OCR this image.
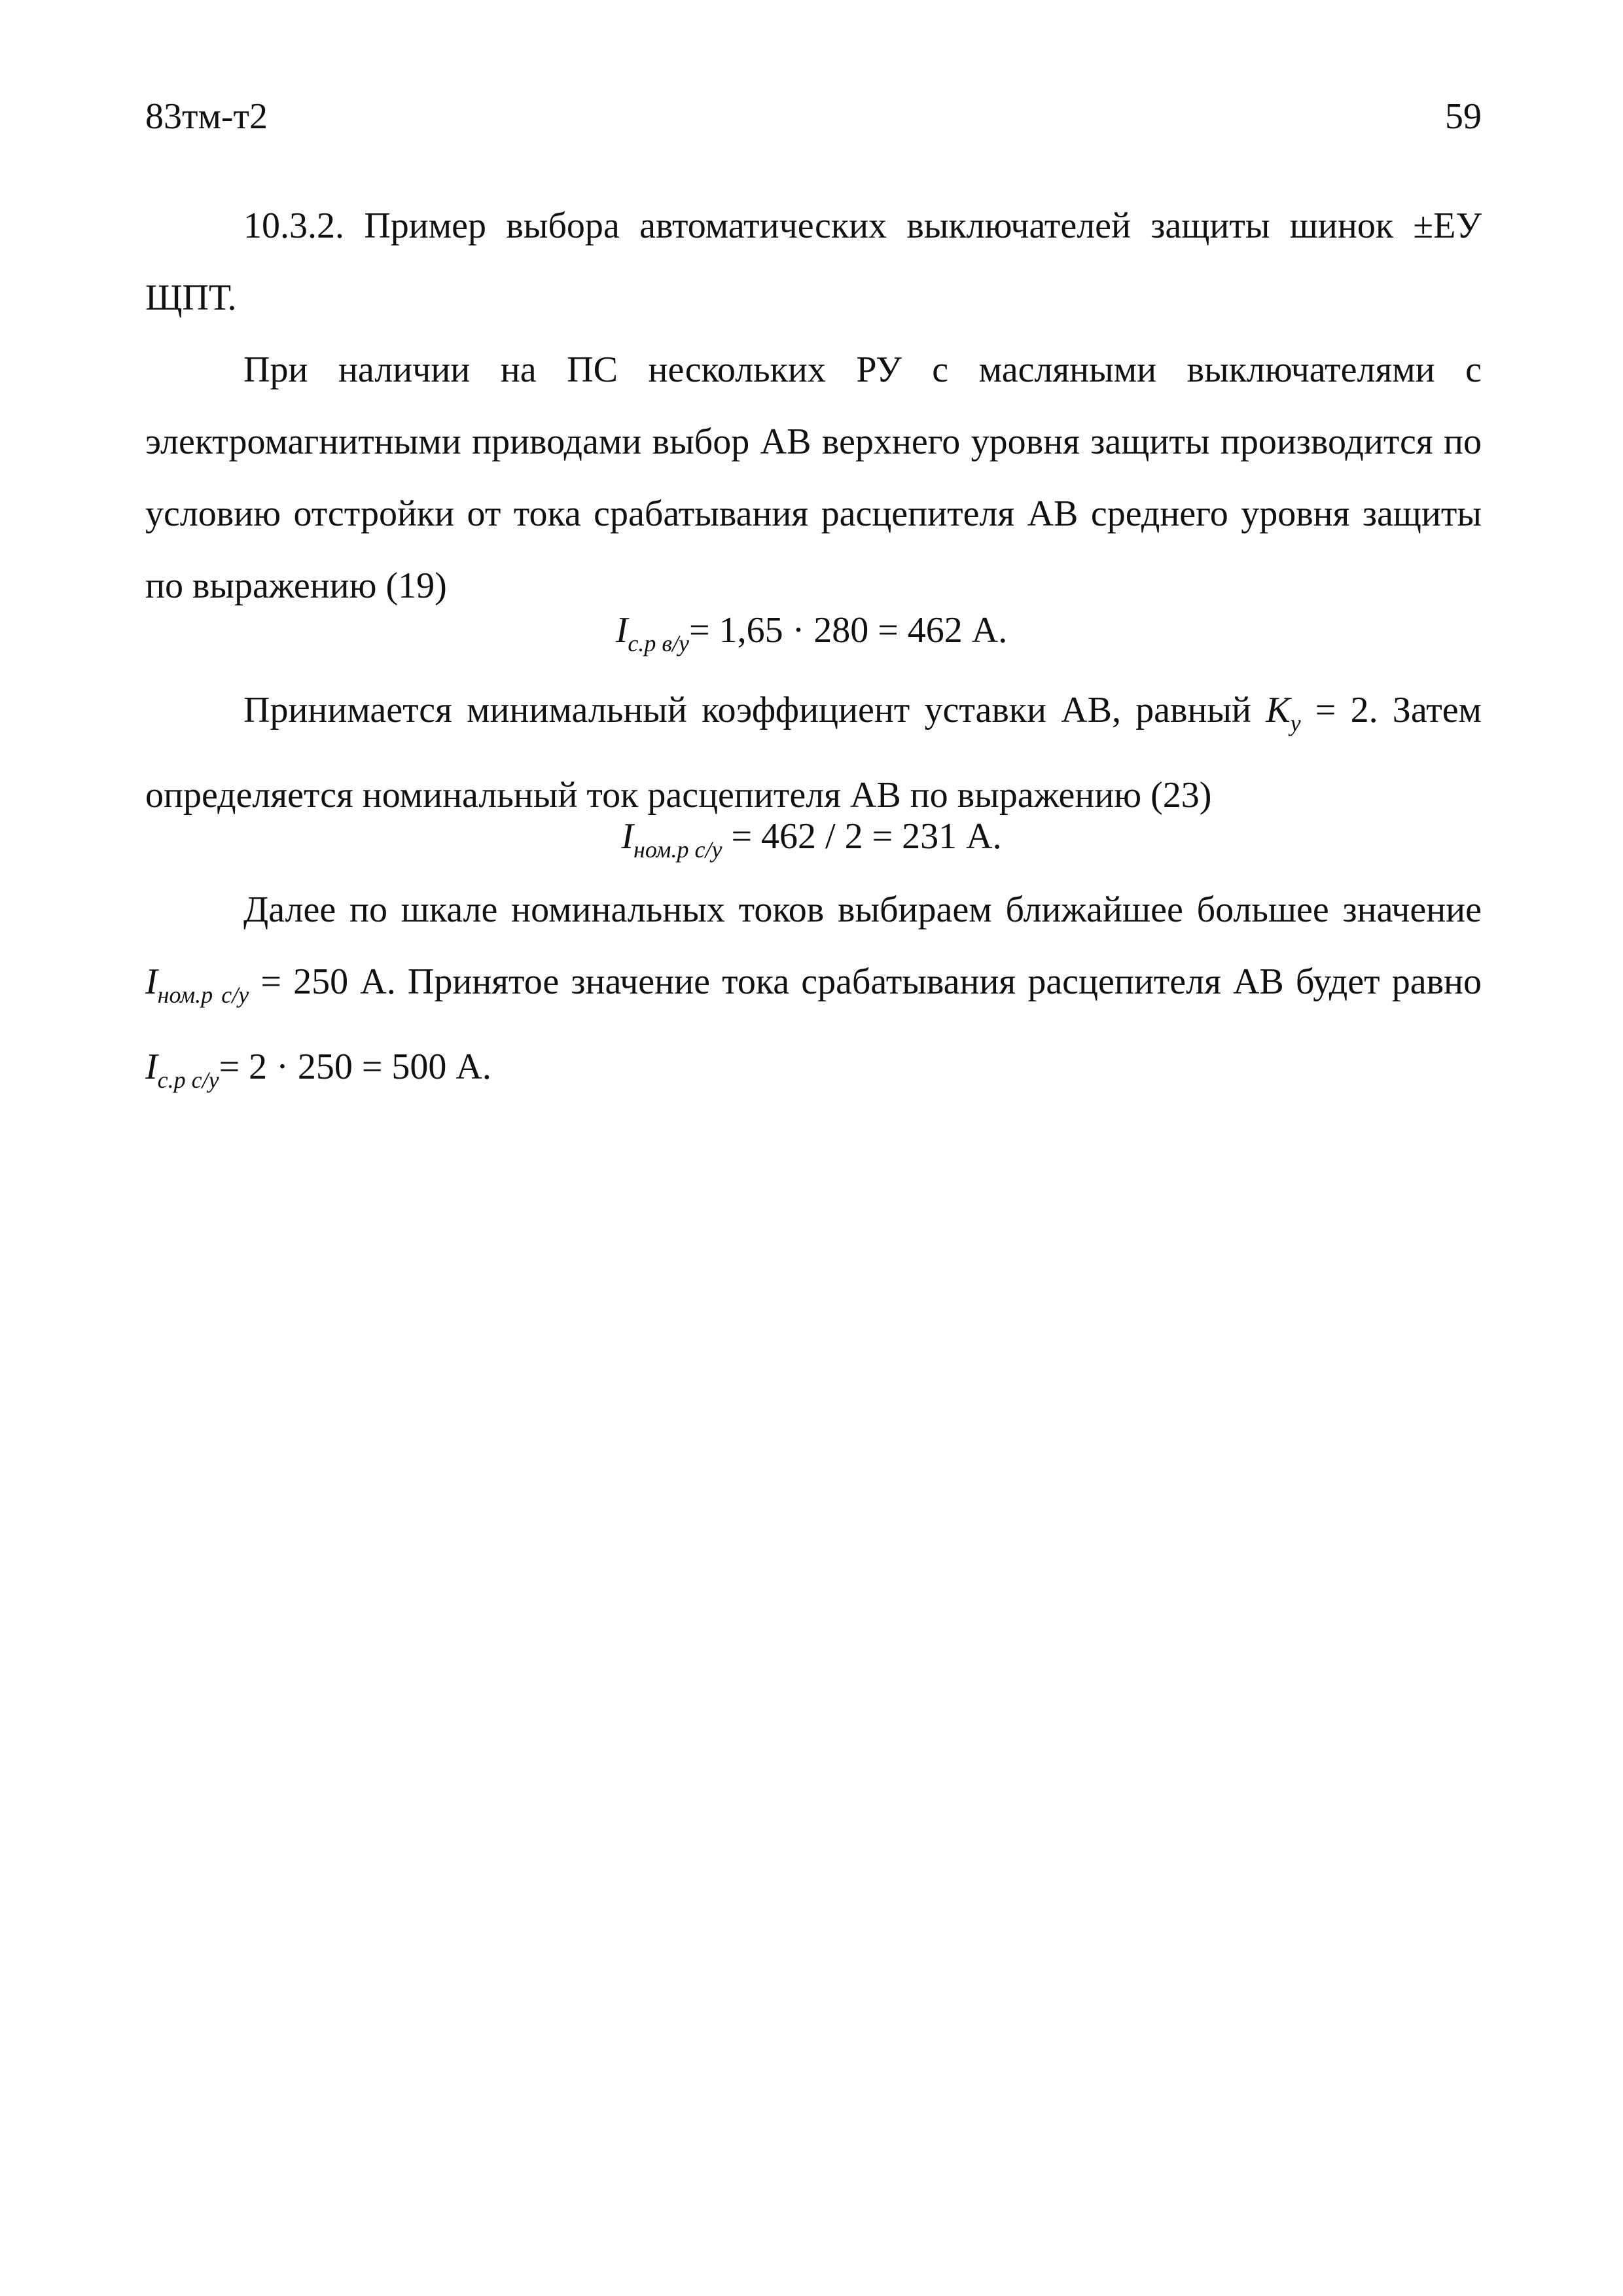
83тм-т2	59

10.3.2. Пример выбора автоматических выключателей защиты шинок ±ЕУ ЩПТ.

При наличии на ПС нескольких РУ с масляными выключателями с электромагнитными приводами выбор АВ верхнего уровня защиты производится по условию отстройки от тока срабатывания расцепителя АВ среднего уровня защиты по выражению (19)

$I_{с.р в/у}= 1,65 \cdot 280 = 462$ А.

Принимается минимальный коэффициент уставки АВ, равный $K_у = 2$. Затем определяется номинальный ток расцепителя АВ по выражению (23)

$I_{ном.р с/у} = 462 / 2 = 231$ А.

Далее по шкале номинальных токов выбираем ближайшее большее значение $I_{ном.р с/у} = 250$ А. Принятое значение тока срабатывания расцепителя АВ будет равно $I_{с.р с/у}= 2 \cdot 250 = 500$ А.
